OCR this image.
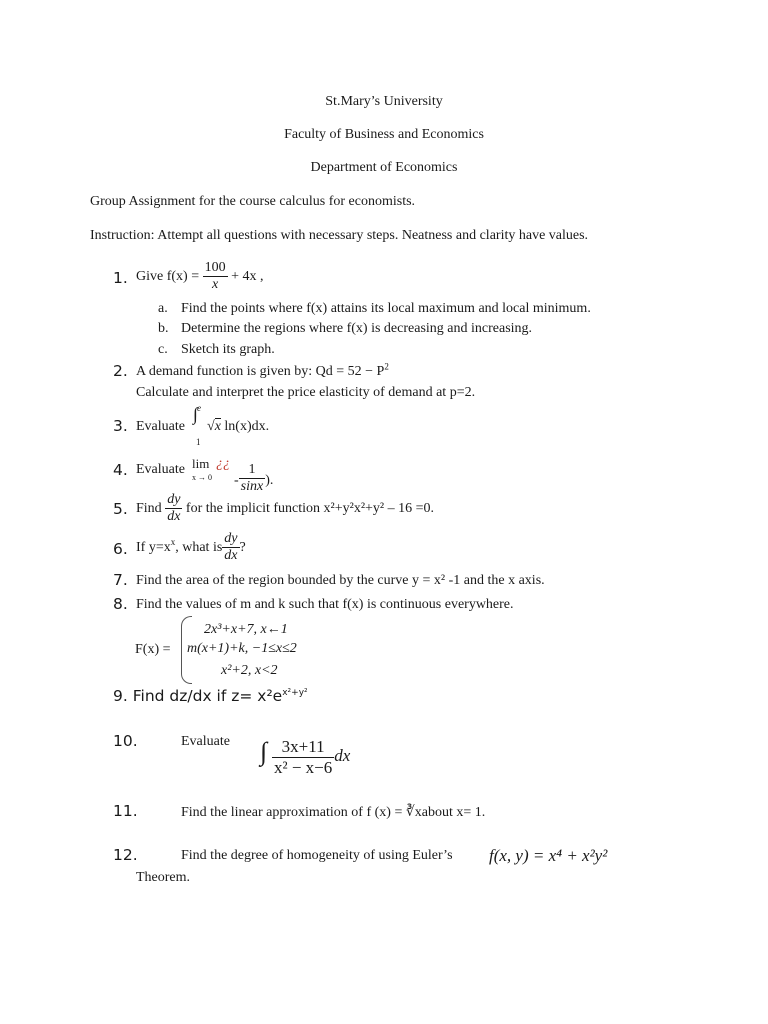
St.Mary’s University
Faculty of Business and Economics
Department of Economics
Group Assignment for the course calculus for economists.
Instruction: Attempt all questions with necessary steps. Neatness and clarity have values.
1. Give $f(x) = \frac{100}{x} + 4x$ ,
a. Find the points where f(x) attains its local maximum and local minimum.
b. Determine the regions where f(x) is decreasing and increasing.
c. Sketch its graph.
2. A demand function is given by: $Qd = 52 - P^2$
Calculate and interpret the price elasticity of demand at p=2.
3. Evaluate
∫ e
1
√x ln(x)dx.
4. Evaluate lim
x → 0
¿¿
- $\frac{1}{\sin x}$ ).
5. Find $\frac{dy}{dx}$ for the implicit function x²+y²x²+y² – 16 =0.
6. If $y=x^x$, what is $\frac{dy}{dx}$ ?
7. Find the area of the region bounded by the curve y = x² -1 and the x axis.
8. Find the values of m and k such that f(x) is continuous everywhere.
F(x) =
2x³+x+7, x←1
m(x+1)+k, −1≤x≤2
x²+2, x<2
9. Find dz/dx if $z= x^2e^{x^2+y^2}$
10.	Evaluate ∫ $\frac{3x+11}{\text{x² − x−6}}$ dx
11.	Find the linear approximation of f (x) = ∛xabout x= 1.
12.	Find the degree of homogeneity of using Euler’s f(x, y) = x⁴ + x²y²
Theorem.
